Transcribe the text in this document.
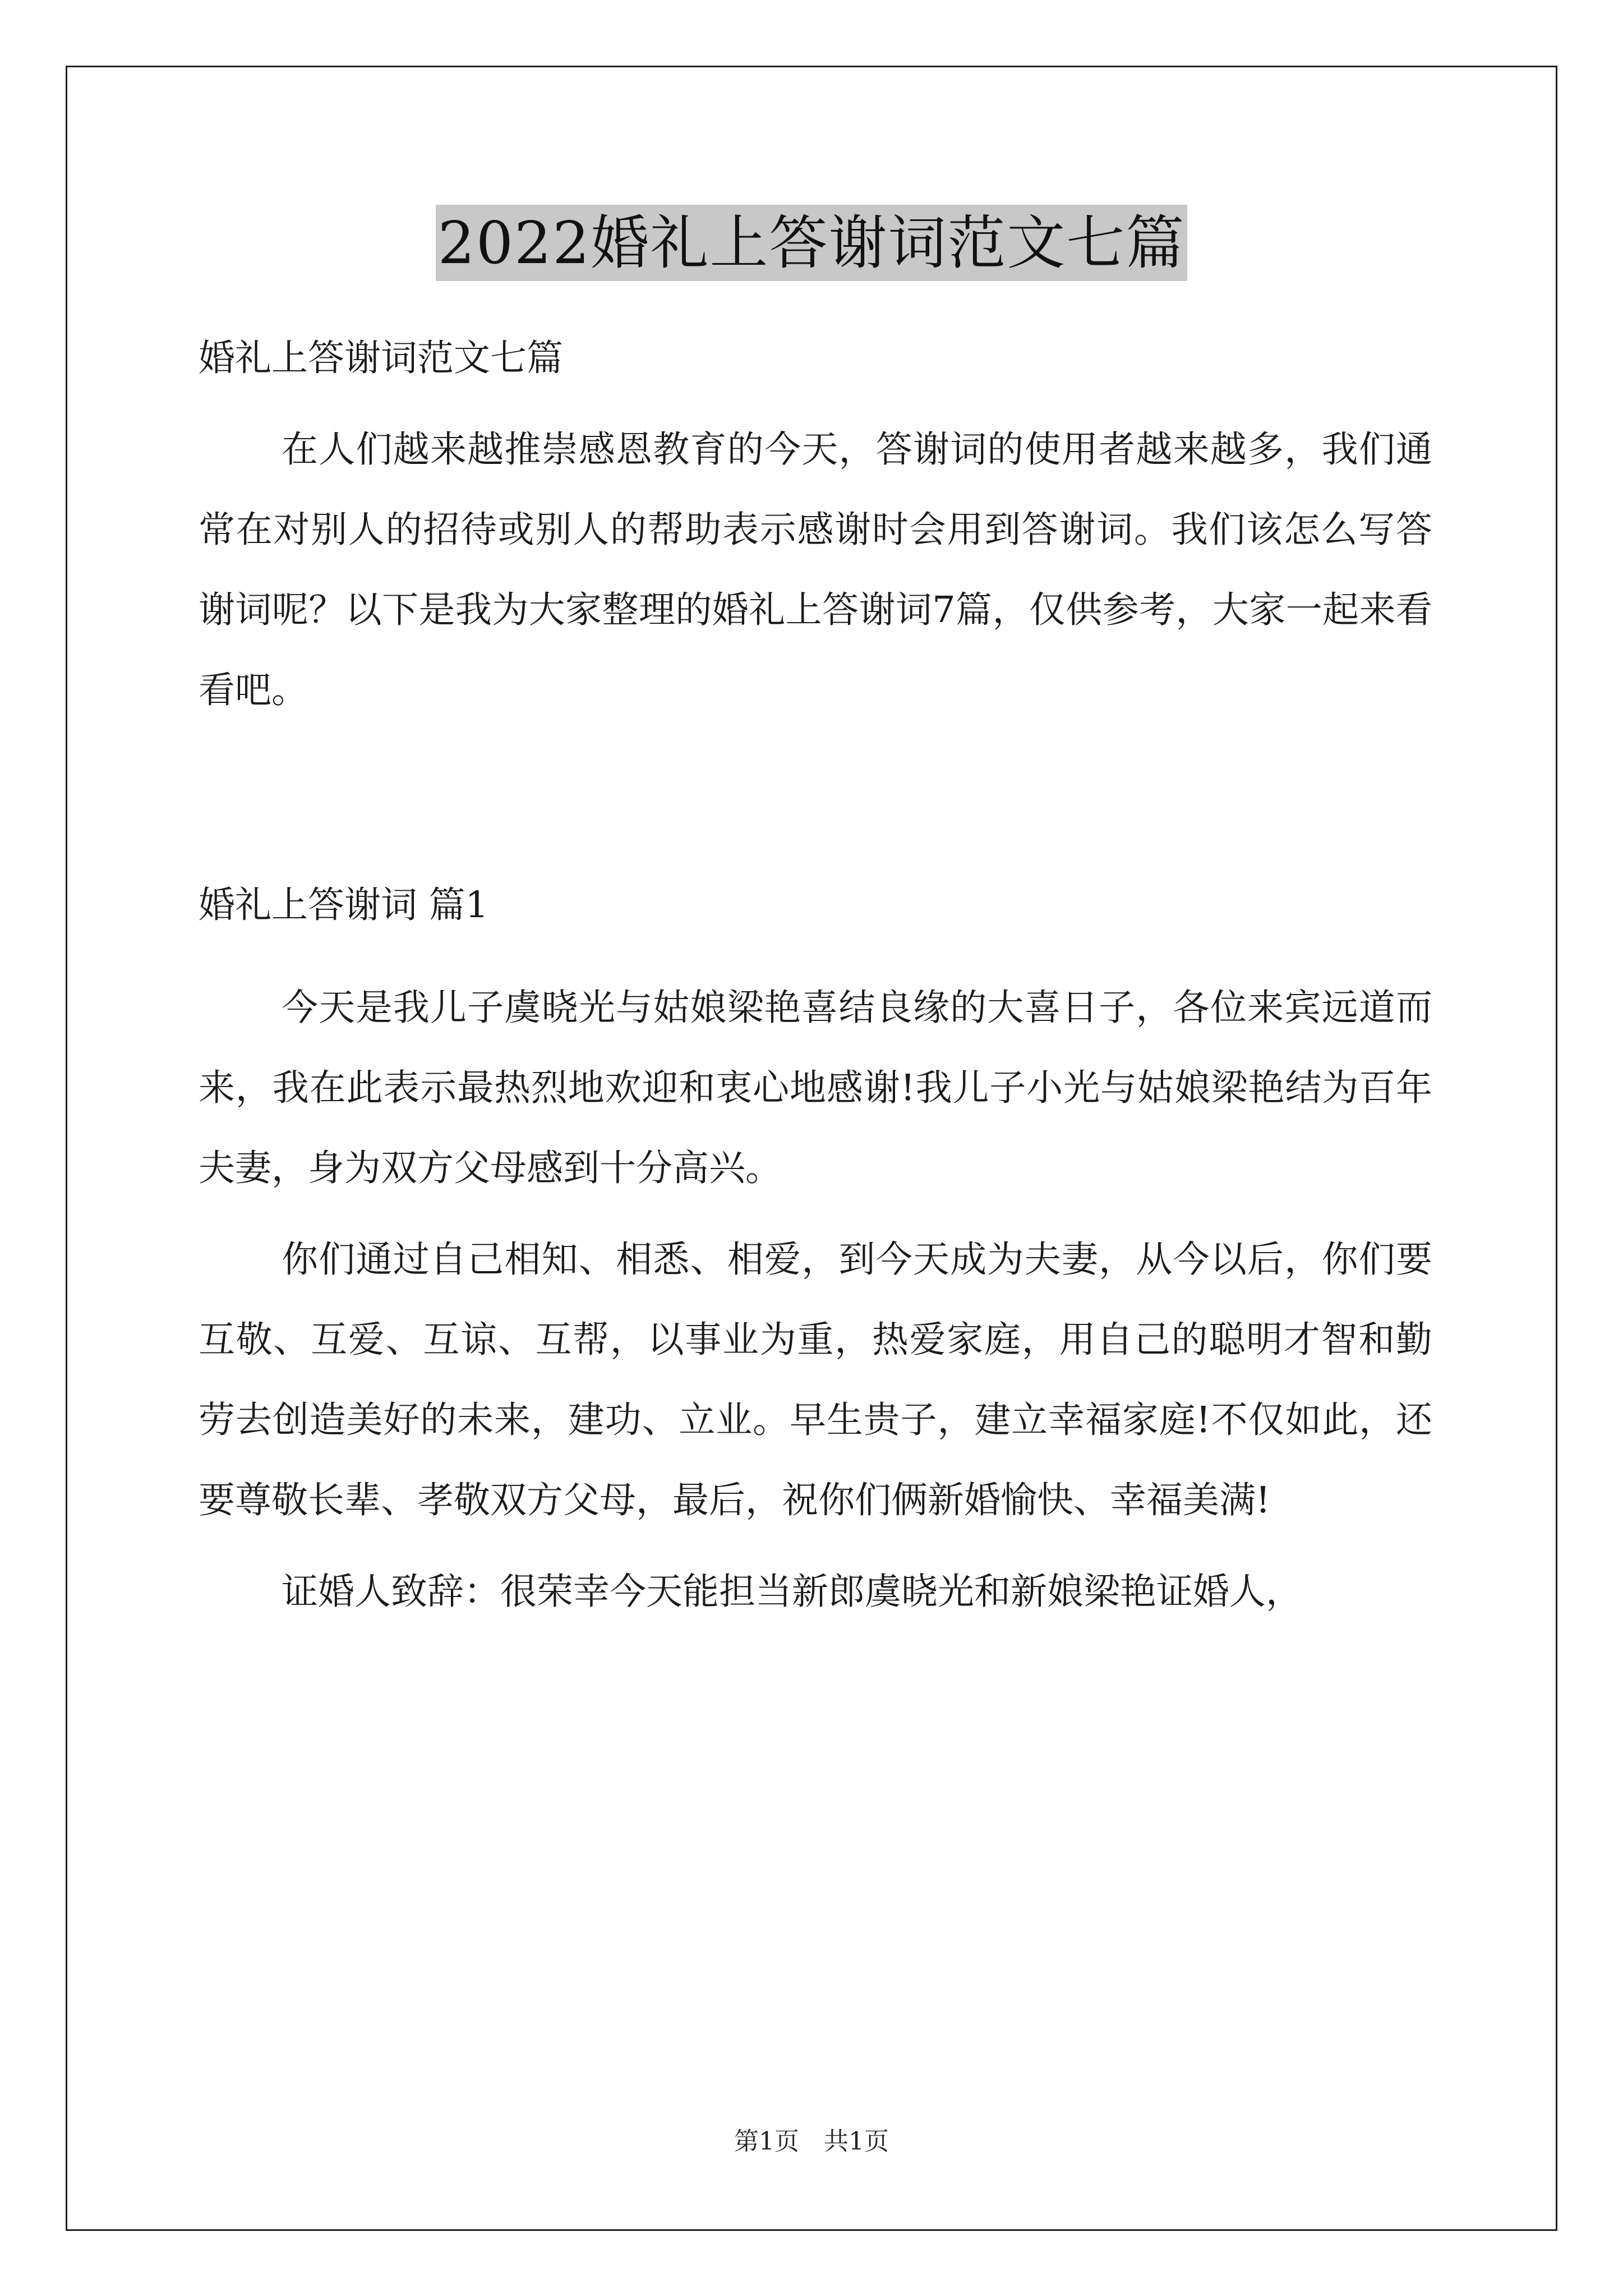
2022婚礼上答谢词范文七篇

婚礼上答谢词范文七篇

在人们越来越推崇感恩教育的今天，答谢词的使用者越来越多，我们通常在对别人的招待或别人的帮助表示感谢时会用到答谢词。我们该怎么写答谢词呢？以下是我为大家整理的婚礼上答谢词7篇，仅供参考，大家一起来看看吧。

婚礼上答谢词 篇1

今天是我儿子虞晓光与姑娘梁艳喜结良缘的大喜日子，各位来宾远道而来，我在此表示最热烈地欢迎和衷心地感谢!我儿子小光与姑娘梁艳结为百年夫妻，身为双方父母感到十分高兴。

你们通过自己相知、相悉、相爱，到今天成为夫妻，从今以后，你们要互敬、互爱、互谅、互帮，以事业为重，热爱家庭，用自己的聪明才智和勤劳去创造美好的未来，建功、立业。早生贵子，建立幸福家庭!不仅如此，还要尊敬长辈、孝敬双方父母，最后，祝你们俩新婚愉快、幸福美满!

证婚人致辞：很荣幸今天能担当新郎虞晓光和新娘梁艳证婚人，

第1页　共1页
